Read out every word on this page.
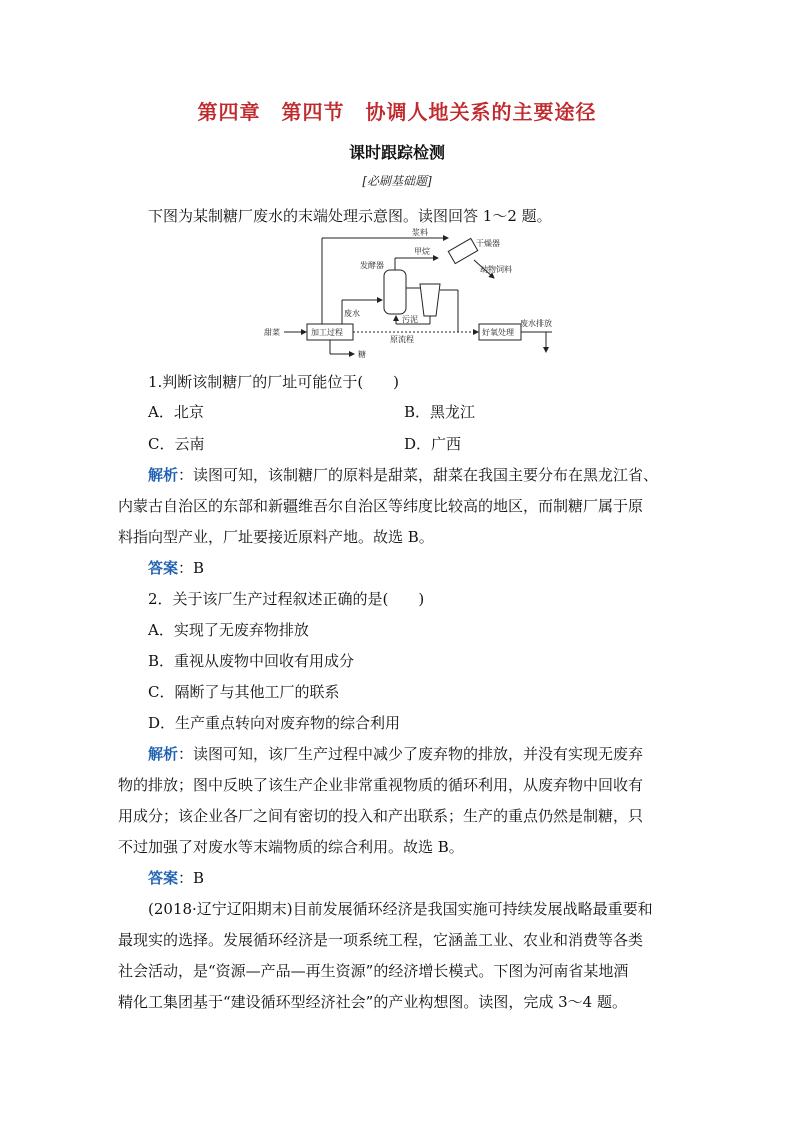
第四章　第四节　协调人地关系的主要途径
课时跟踪检测
[必刷基础题]
下图为某制糖厂废水的末端处理示意图。读图回答 1～2 题。
甜菜	加工过程
糖
原流程
好氧处理
废水排放
废水
发酵器
污泥
甲烷
浆料
干燥器
动物饲料
1.判断该制糖厂的厂址可能位于(　　)
A．北京	B．黑龙江
C．云南	D．广西
解析：读图可知，该制糖厂的原料是甜菜，甜菜在我国主要分布在黑龙江省、
内蒙古自治区的东部和新疆维吾尔自治区等纬度比较高的地区，而制糖厂属于原
料指向型产业，厂址要接近原料产地。故选 B。
答案：B
2．关于该厂生产过程叙述正确的是(　　)
A．实现了无废弃物排放
B．重视从废物中回收有用成分
C．隔断了与其他工厂的联系
D．生产重点转向对废弃物的综合利用
解析：读图可知，该厂生产过程中减少了废弃物的排放，并没有实现无废弃
物的排放；图中反映了该生产企业非常重视物质的循环利用，从废弃物中回收有
用成分；该企业各厂之间有密切的投入和产出联系；生产的重点仍然是制糖，只
不过加强了对废水等末端物质的综合利用。故选 B。
答案：B
(2018·辽宁辽阳期末)目前发展循环经济是我国实施可持续发展战略最重要和
最现实的选择。发展循环经济是一项系统工程，它涵盖工业、农业和消费等各类
社会活动，是“资源—产品—再生资源”的经济增长模式。下图为河南省某地酒
精化工集团基于“建设循环型经济社会”的产业构想图。读图，完成 3～4 题。
